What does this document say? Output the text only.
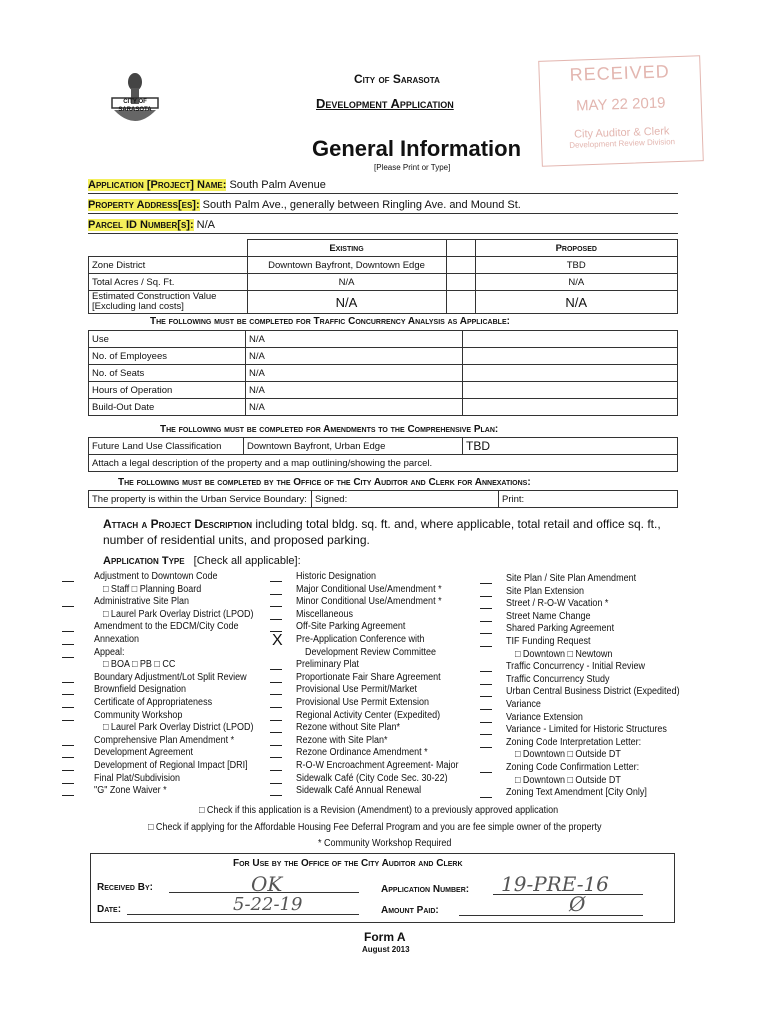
CITY OF SARASOTA
City of Sarasota
Development Application
General Information
[Please Print or Type]
RECEIVED
MAY 22 2019
City Auditor & Clerk
Development Review Division
Application [Project] Name: South Palm Avenue
Property Address[es]: South Palm Ave., generally between Ringling Ave. and Mound St.
Parcel ID Number[s]: N/A
	Existing		Proposed
Zone District	Downtown Bayfront, Downtown Edge		TBD
Total Acres / Sq. Ft.	N/A		N/A

Estimated Construction Value
[Excluding land costs]	N/A		N/A
The following must be completed for Traffic Concurrency Analysis as Applicable:
Use	N/A	
No. of Employees	N/A	
No. of Seats	N/A	
Hours of Operation	N/A	
Build-Out Date	N/A	
The following must be completed for Amendments to the Comprehensive Plan:
Future Land Use Classification	Downtown Bayfront, Urban Edge	TBD
Attach a legal description of the property and a map outlining/showing the parcel.
The following must be completed by the Office of the City Auditor and Clerk for Annexations:
The property is within the Urban Service Boundary:	Signed:	Print:
Attach a Project Description including total bldg. sq. ft. and, where applicable, total retail and office sq. ft., number of residential units, and proposed parking.
Application Type [Check all applicable]:
Adjustment to Downtown Code
□ Staff □ Planning Board
Administrative Site Plan
□ Laurel Park Overlay District (LPOD)
Amendment to the EDCM/City Code
Annexation
Appeal:
□ BOA □ PB □ CC
Boundary Adjustment/Lot Split Review
Brownfield Designation
Certificate of Appropriateness
Community Workshop
□ Laurel Park Overlay District (LPOD)
Comprehensive Plan Amendment *
Development Agreement
Development of Regional Impact [DRI]
Final Plat/Subdivision
"G" Zone Waiver *
Historic Designation
Major Conditional Use/Amendment *
Minor Conditional Use/Amendment *
Miscellaneous
Off-Site Parking Agreement
Pre-Application Conference with
Development Review Committee
Preliminary Plat
Proportionate Fair Share Agreement
Provisional Use Permit/Market
Provisional Use Permit Extension
Regional Activity Center (Expedited)
Rezone without Site Plan*
Rezone with Site Plan*
Rezone Ordinance Amendment *
R-O-W Encroachment Agreement- Major
Sidewalk Café (City Code Sec. 30-22)
Sidewalk Café Annual Renewal
Site Plan / Site Plan Amendment
Site Plan Extension
Street / R-O-W Vacation *
Street Name Change
Shared Parking Agreement
TIF Funding Request
□ Downtown □ Newtown
Traffic Concurrency - Initial Review
Traffic Concurrency Study
Urban Central Business District (Expedited)
Variance
Variance Extension
Variance - Limited for Historic Structures
Zoning Code Interpretation Letter:
□ Downtown □ Outside DT
Zoning Code Confirmation Letter:
□ Downtown □ Outside DT
Zoning Text Amendment [City Only]
X
□ Check if this application is a Revision (Amendment) to a previously approved application
□ Check if applying for the Affordable Housing Fee Deferral Program and you are fee simple owner of the property
* Community Workshop Required
For Use by the Office of the City Auditor and Clerk
Received By:	OK
Date:	5-22-19
Application Number: 19-PRE-16
Amount Paid:	Ø
Form A
August 2013
